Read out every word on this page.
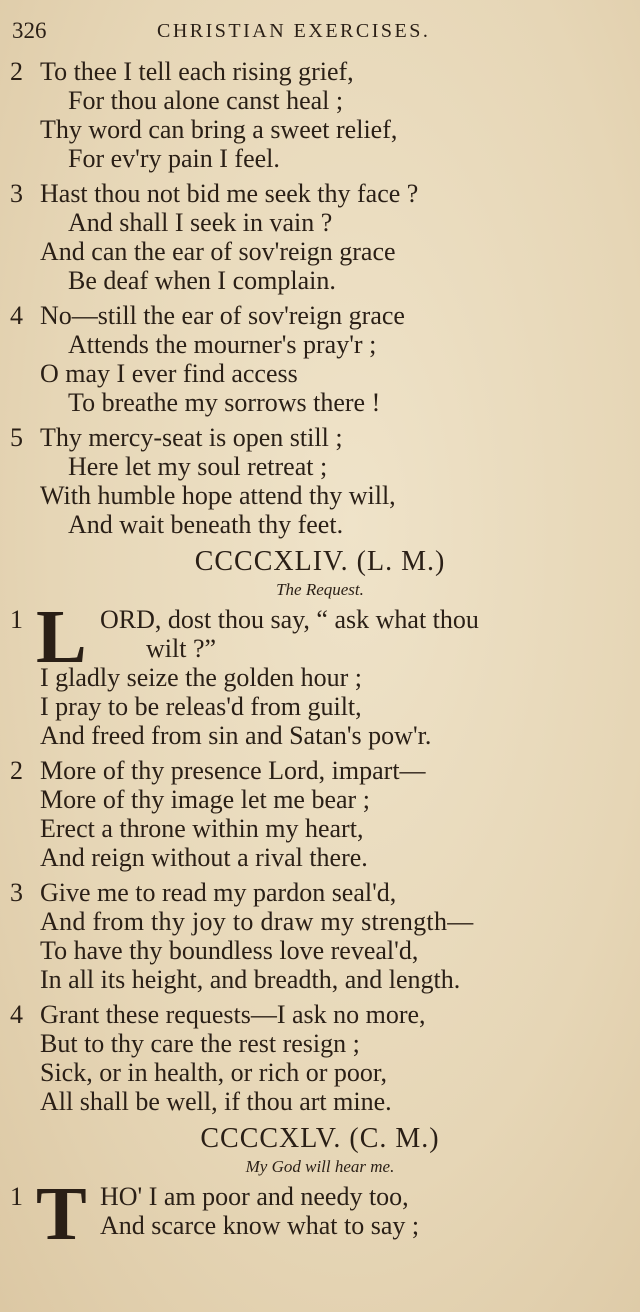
326	CHRISTIAN EXERCISES.
2 To thee I tell each rising grief,
For thou alone canst heal ;
Thy word can bring a sweet relief,
For ev'ry pain I feel.
3 Hast thou not bid me seek thy face ?
And shall I seek in vain ?
And can the ear of sov'reign grace
Be deaf when I complain.
4 No—still the ear of sov'reign grace
Attends the mourner's pray'r ;
O may I ever find access
To breathe my sorrows there !
5 Thy mercy-seat is open still ;
Here let my soul retreat ;
With humble hope attend thy will,
And wait beneath thy feet.
CCCCXLIV. (L. M.)
The Request.
1 L ORD, dost thou say, “ ask what thou
wilt ?”
I gladly seize the golden hour ;
I pray to be releas'd from guilt,
And freed from sin and Satan's pow'r.
2 More of thy presence Lord, impart—
More of thy image let me bear ;
Erect a throne within my heart,
And reign without a rival there.
3 Give me to read my pardon seal'd,
And from thy joy to draw my strength—
To have thy boundless love reveal'd,
In all its height, and breadth, and length.
4 Grant these requests—I ask no more,
But to thy care the rest resign ;
Sick, or in health, or rich or poor,
All shall be well, if thou art mine.
CCCCXLV. (C. M.)
My God will hear me.
1 T HO' I am poor and needy too,
And scarce know what to say ;
